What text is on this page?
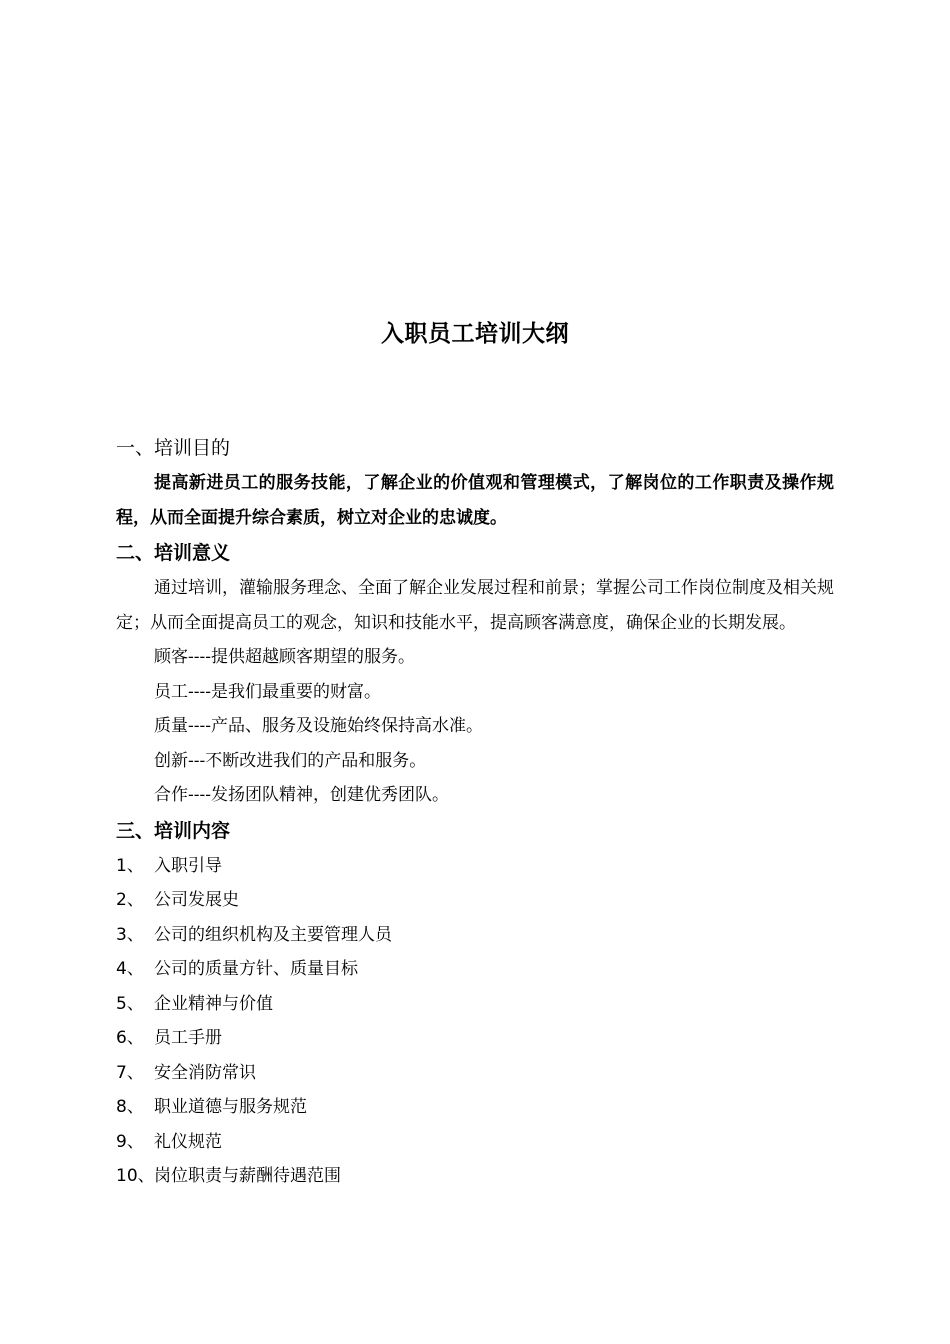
入职员工培训大纲
一、培训目的
提高新进员工的服务技能，了解企业的价值观和管理模式，了解岗位的工作职责及操作规程，从而全面提升综合素质，树立对企业的忠诚度。
二、培训意义
通过培训，灌输服务理念、全面了解企业发展过程和前景；掌握公司工作岗位制度及相关规定；从而全面提高员工的观念，知识和技能水平，提高顾客满意度，确保企业的长期发展。
顾客----提供超越顾客期望的服务。
员工----是我们最重要的财富。
质量----产品、服务及设施始终保持高水准。
创新---不断改进我们的产品和服务。
合作----发扬团队精神，创建优秀团队。
三、培训内容
1、 入职引导
2、 公司发展史
3、 公司的组织机构及主要管理人员
4、 公司的质量方针、质量目标
5、 企业精神与价值
6、 员工手册
7、 安全消防常识
8、 职业道德与服务规范
9、 礼仪规范
10、 岗位职责与薪酬待遇范围
